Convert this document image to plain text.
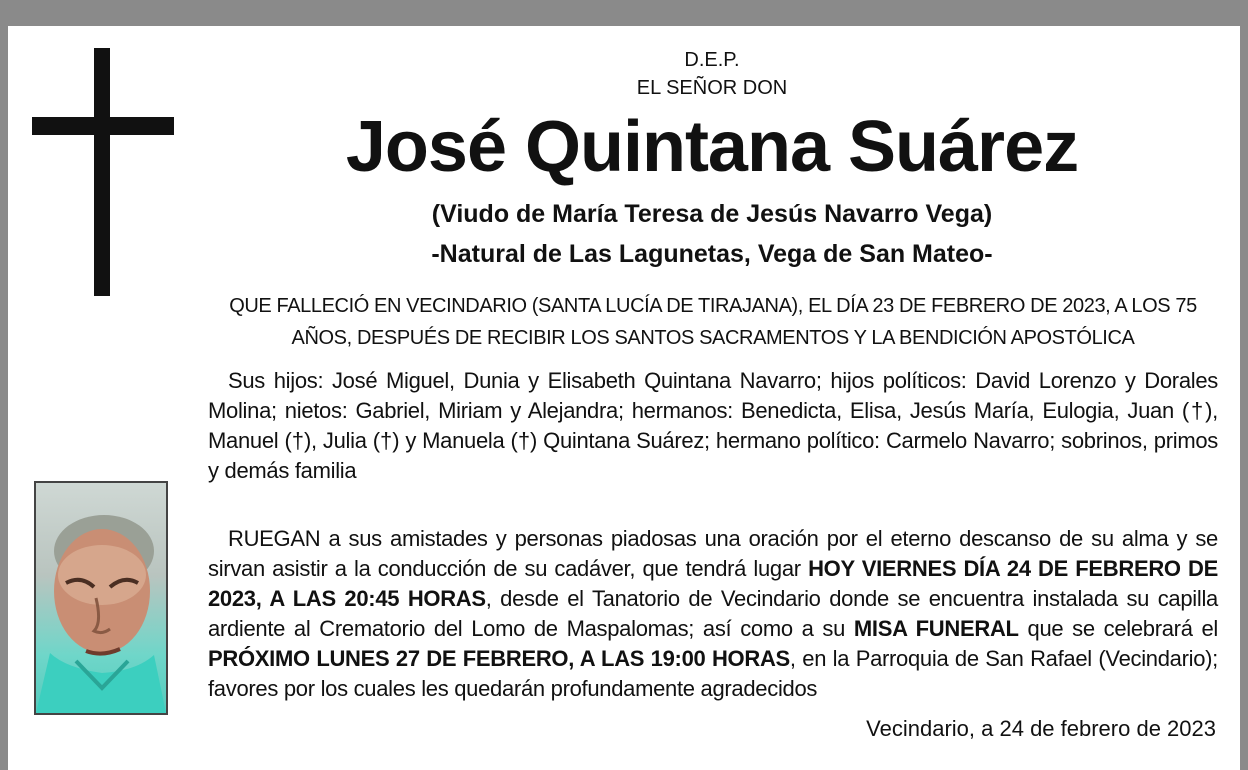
D.E.P.

EL SEÑOR DON

José Quintana Suárez

(Viudo de María Teresa de Jesús Navarro Vega)

-Natural de Las Lagunetas, Vega de San Mateo-

QUE FALLECIÓ EN VECINDARIO (SANTA LUCÍA DE TIRAJANA), EL DÍA 23 DE FEBRERO DE 2023, A LOS 75 AÑOS, DESPUÉS DE RECIBIR LOS SANTOS SACRAMENTOS Y LA BENDICIÓN APOSTÓLICA

Sus hijos: José Miguel, Dunia y Elisabeth Quintana Navarro; hijos políticos: David Lorenzo y Dorales Molina; nietos: Gabriel, Miriam y Alejandra; hermanos: Benedicta, Elisa, Jesús María, Eulogia, Juan (†), Manuel (†), Julia (†) y Manuela (†) Quintana Suárez; hermano político: Carmelo Navarro; sobrinos, primos y demás familia

RUEGAN a sus amistades y personas piadosas una oración por el eterno descanso de su alma y se sirvan asistir a la conducción de su cadáver, que tendrá lugar HOY VIERNES DÍA 24 DE FEBRERO DE 2023, A LAS 20:45 HORAS, desde el Tanatorio de Vecindario donde se encuentra instalada su capilla ardiente al Crematorio del Lomo de Maspalomas; así como a su MISA FUNERAL que se celebrará el PRÓXIMO LUNES 27 DE FEBRERO, A LAS 19:00 HORAS, en la Parroquia de San Rafael (Vecindario); favores por los cuales les quedarán profundamente agradecidos

Vecindario, a 24 de febrero de 2023
